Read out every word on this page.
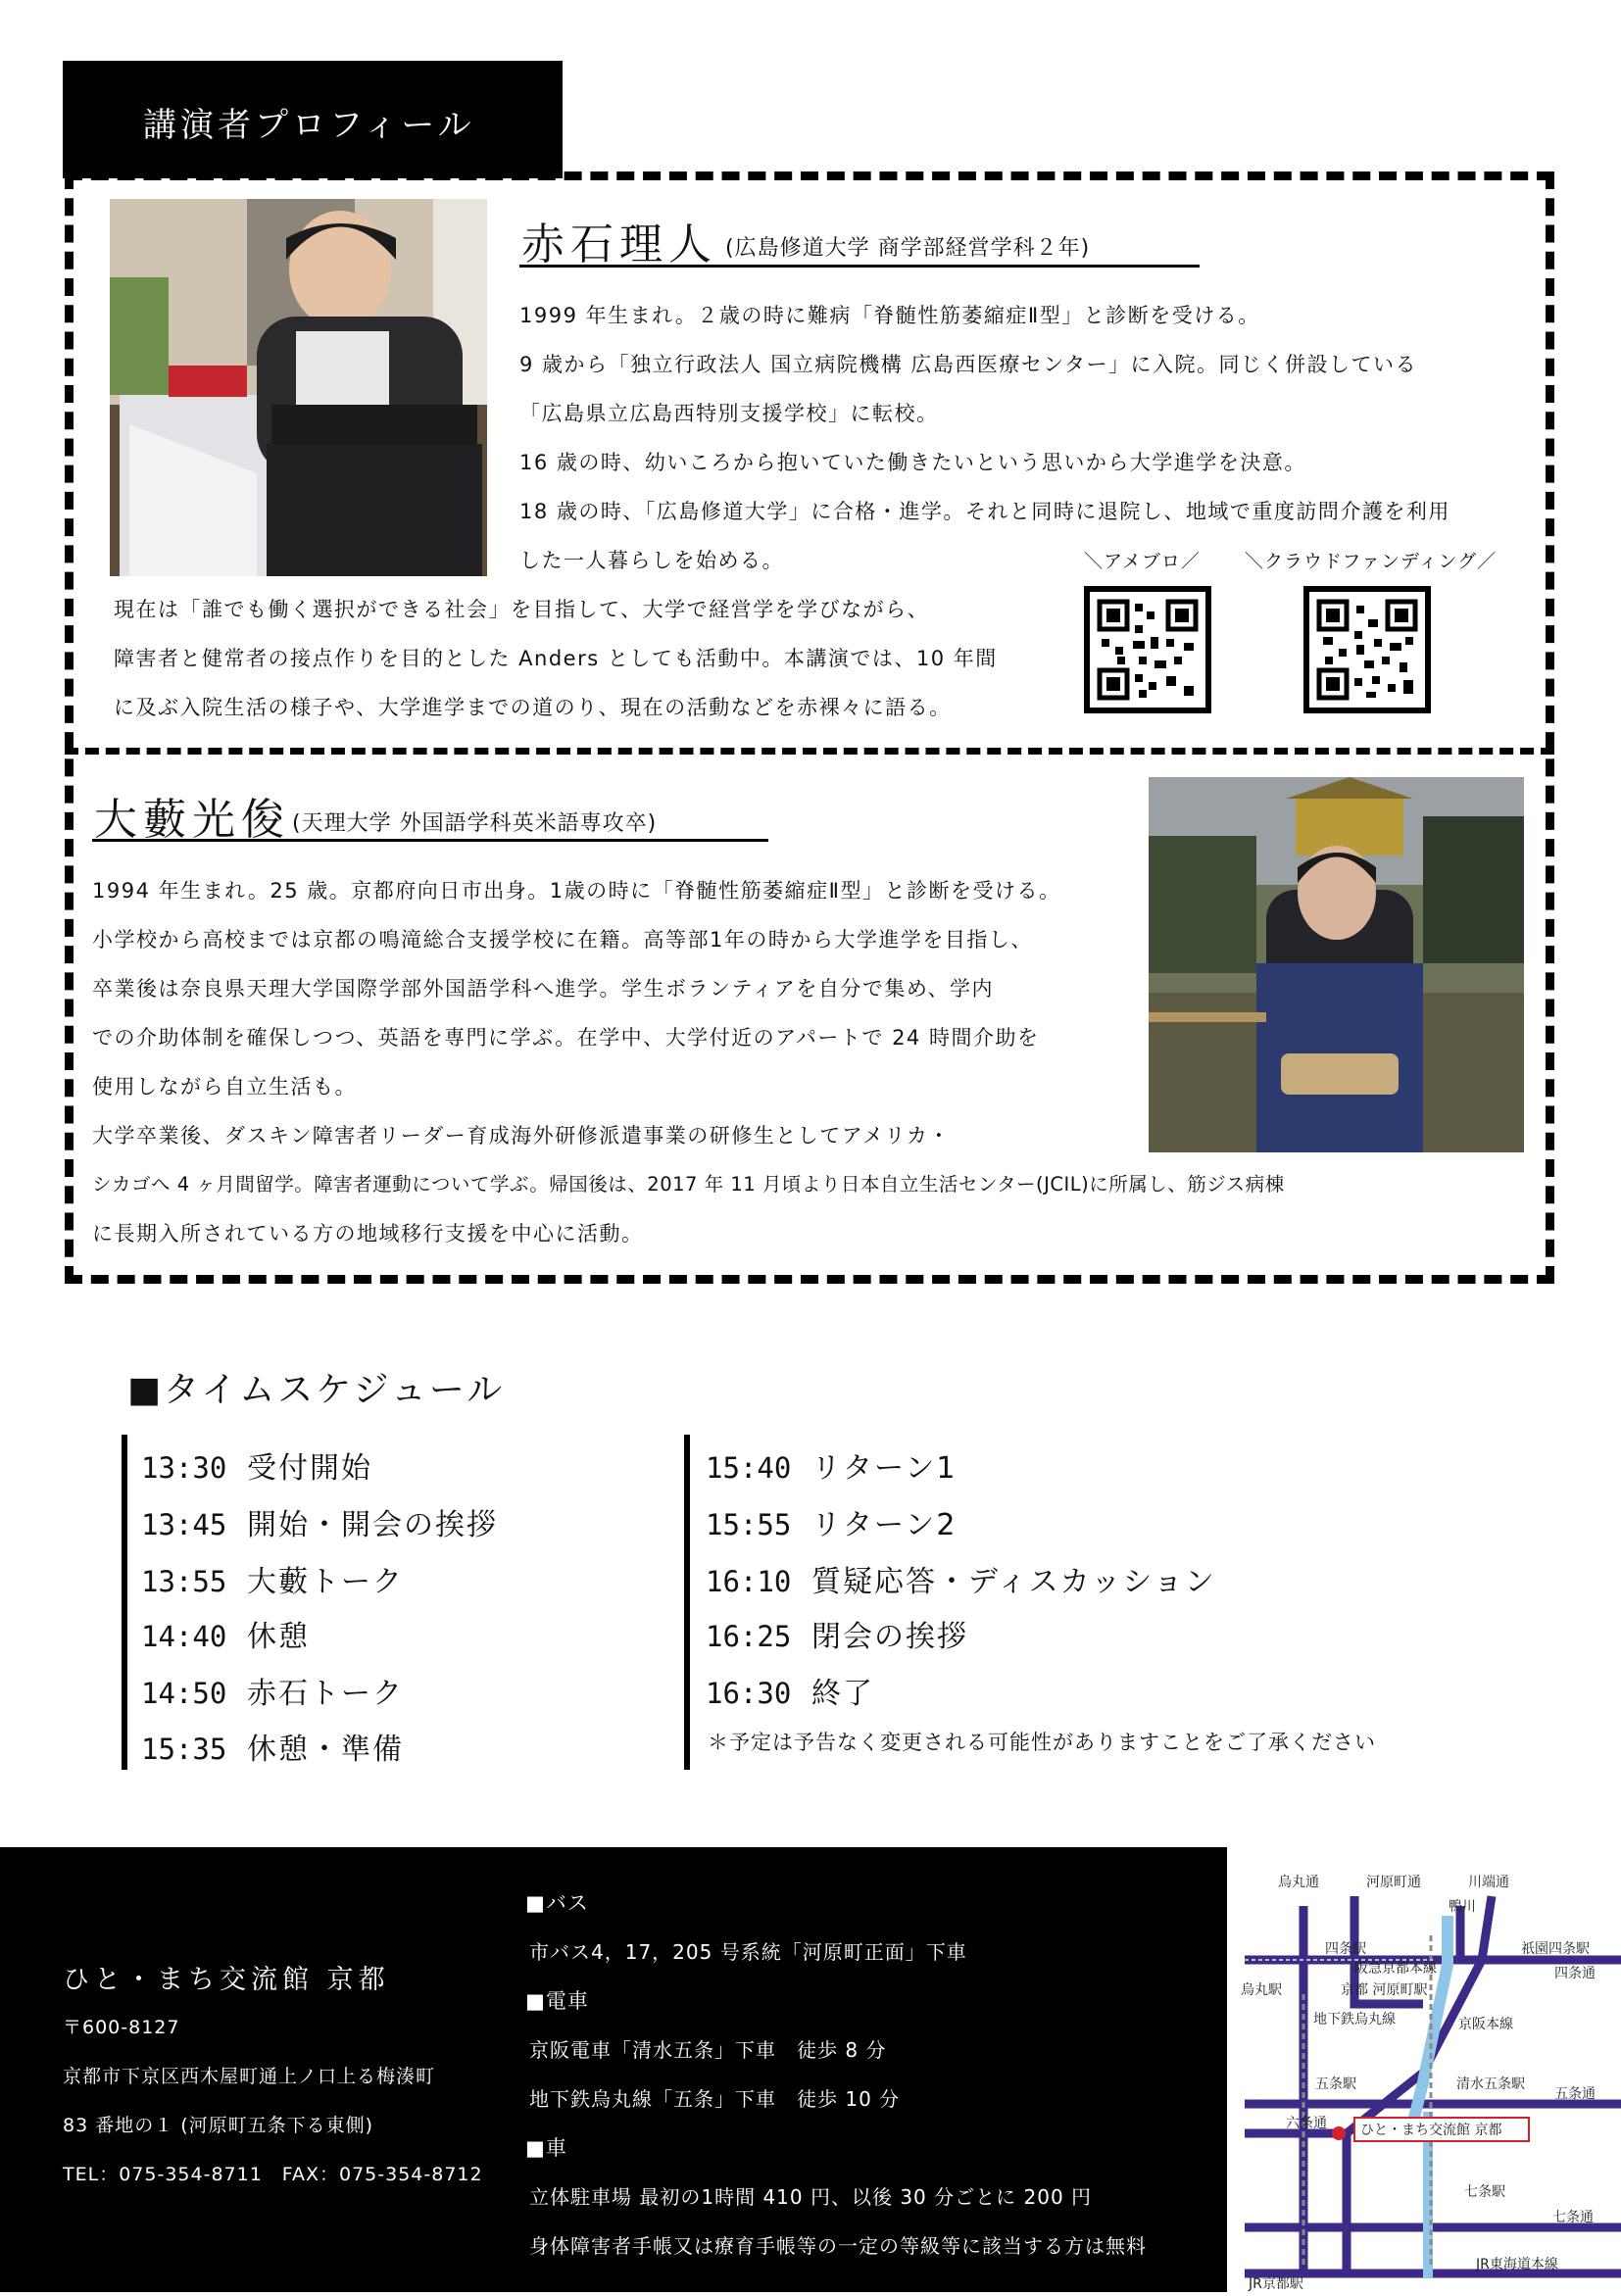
講演者プロフィール
赤石理人 (広島修道大学 商学部経営学科２年)
1999 年生まれ。２歳の時に難病「脊髄性筋萎縮症Ⅱ型」と診断を受ける。
9 歳から「独立行政法人 国立病院機構 広島西医療センター」に入院。同じく併設している
「広島県立広島西特別支援学校」に転校。
16 歳の時、幼いころから抱いていた働きたいという思いから大学進学を決意。
18 歳の時、「広島修道大学」に合格・進学。それと同時に退院し、地域で重度訪問介護を利用
した一人暮らしを始める。
現在は「誰でも働く選択ができる社会」を目指して、大学で経営学を学びながら、
障害者と健常者の接点作りを目的とした Anders としても活動中。本講演では、10 年間
に及ぶ入院生活の様子や、大学進学までの道のり、現在の活動などを赤裸々に語る。
＼アメブロ／ ＼クラウドファンディング／
大藪光俊 (天理大学 外国語学科英米語専攻卒)
1994 年生まれ。25 歳。京都府向日市出身。1歳の時に「脊髄性筋萎縮症Ⅱ型」と診断を受ける。
小学校から高校までは京都の鳴滝総合支援学校に在籍。高等部1年の時から大学進学を目指し、
卒業後は奈良県天理大学国際学部外国語学科へ進学。学生ボランティアを自分で集め、学内
での介助体制を確保しつつ、英語を専門に学ぶ。在学中、大学付近のアパートで 24 時間介助を
使用しながら自立生活も。
大学卒業後、ダスキン障害者リーダー育成海外研修派遣事業の研修生としてアメリカ・
シカゴへ 4 ヶ月間留学。障害者運動について学ぶ。帰国後は、2017 年 11 月頃より日本自立生活センター(JCIL)に所属し、筋ジス病棟
に長期入所されている方の地域移行支援を中心に活動。
■タイムスケジュール
13:30 受付開始
13:45 開始・開会の挨拶
13:55 大藪トーク
14:40 休憩
14:50 赤石トーク
15:35 休憩・準備
15:40 リターン1
15:55 リターン2
16:10 質疑応答・ディスカッション
16:25 閉会の挨拶
16:30 終了
＊予定は予告なく変更される可能性がありますことをご了承ください
ひと・まち交流館 京都
〒600-8127
京都市下京区西木屋町通上ノ口上る梅湊町
83 番地の１ (河原町五条下る東側)
TEL：075-354-8711　FAX：075-354-8712
■バス
市バス4，17，205 号系統「河原町正面」下車
■電車
京阪電車「清水五条」下車　徒歩 8 分
地下鉄烏丸線「五条」下車　徒歩 10 分
■車
立体駐車場 最初の1時間 410 円、以後 30 分ごとに 200 円
身体障害者手帳又は療育手帳等の一定の等級等に該当する方は無料
烏丸通	河原町通	川端通
鴨川
四条駅
阪急京都本線
祇園四条駅
四条通
烏丸駅	京都 河原町駅
地下鉄烏丸線	京阪本線
五条駅	清水五条駅
五条通
六条通 ひと・まち交流館 京都
七条駅
七条通
JR京都駅
JR東海道本線
